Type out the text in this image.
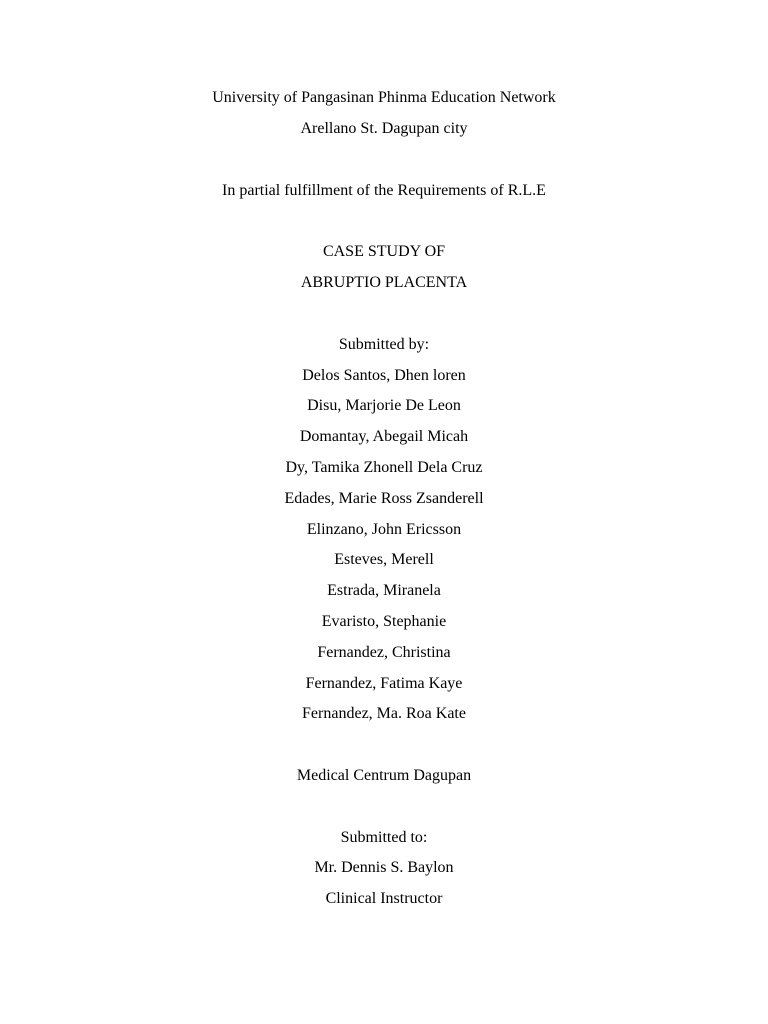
University of Pangasinan Phinma Education Network
Arellano St. Dagupan city
In partial fulfillment of the Requirements of R.L.E
CASE STUDY OF
ABRUPTIO PLACENTA
Submitted by:
Delos Santos, Dhen loren
Disu, Marjorie De Leon
Domantay, Abegail Micah
Dy, Tamika Zhonell Dela Cruz
Edades, Marie Ross Zsanderell
Elinzano, John Ericsson
Esteves, Merell
Estrada, Miranela
Evaristo, Stephanie
Fernandez, Christina
Fernandez, Fatima Kaye
Fernandez, Ma. Roa Kate
Medical Centrum Dagupan
Submitted to:
Mr. Dennis S. Baylon
Clinical Instructor
